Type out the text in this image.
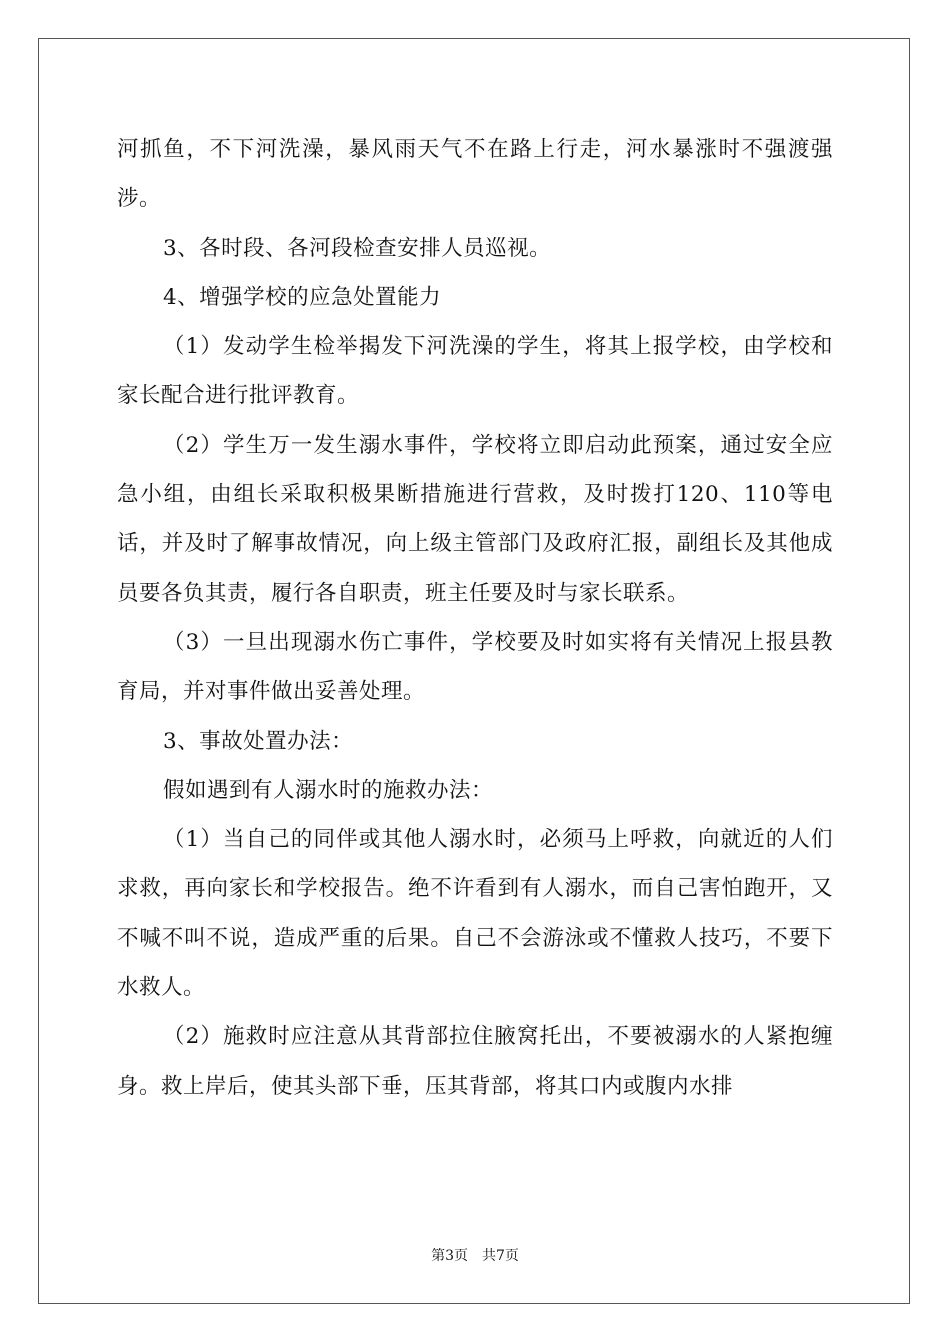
河抓鱼，不下河洗澡，暴风雨天气不在路上行走，河水暴涨时不强渡强涉。

3、各时段、各河段检查安排人员巡视。

4、增强学校的应急处置能力

（1）发动学生检举揭发下河洗澡的学生，将其上报学校，由学校和家长配合进行批评教育。

（2）学生万一发生溺水事件，学校将立即启动此预案，通过安全应急小组，由组长采取积极果断措施进行营救，及时拨打120、110等电话，并及时了解事故情况，向上级主管部门及政府汇报，副组长及其他成员要各负其责，履行各自职责，班主任要及时与家长联系。

（3）一旦出现溺水伤亡事件，学校要及时如实将有关情况上报县教育局，并对事件做出妥善处理。

3、事故处置办法：

假如遇到有人溺水时的施救办法：

（1）当自己的同伴或其他人溺水时，必须马上呼救，向就近的人们求救，再向家长和学校报告。绝不许看到有人溺水，而自己害怕跑开，又不喊不叫不说，造成严重的后果。自己不会游泳或不懂救人技巧，不要下水救人。

（2）施救时应注意从其背部拉住腋窝托出，不要被溺水的人紧抱缠身。救上岸后，使其头部下垂，压其背部，将其口内或腹内水排

第3页 共7页
